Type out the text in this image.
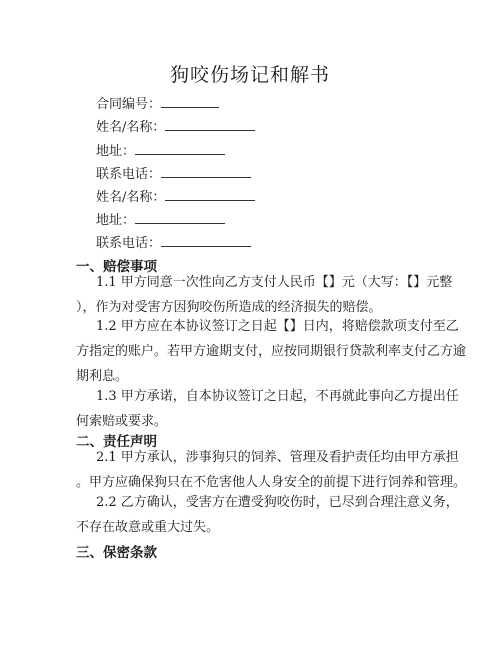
狗咬伤场记和解书
合同编号：
姓名/名称：
地址：
联系电话：
姓名/名称：
地址：
联系电话：
一、赔偿事项
1.1 甲方同意一次性向乙方支付人民币【】元（大写：【】元整
），作为对受害方因狗咬伤所造成的经济损失的赔偿。
1.2 甲方应在本协议签订之日起【】日内，将赔偿款项支付至乙
方指定的账户。若甲方逾期支付，应按同期银行贷款利率支付乙方逾
期利息。
1.3 甲方承诺，自本协议签订之日起，不再就此事向乙方提出任
何索赔或要求。
二、责任声明
2.1 甲方承认，涉事狗只的饲养、管理及看护责任均由甲方承担
。甲方应确保狗只在不危害他人人身安全的前提下进行饲养和管理。
2.2 乙方确认，受害方在遭受狗咬伤时，已尽到合理注意义务，
不存在故意或重大过失。
三、保密条款
